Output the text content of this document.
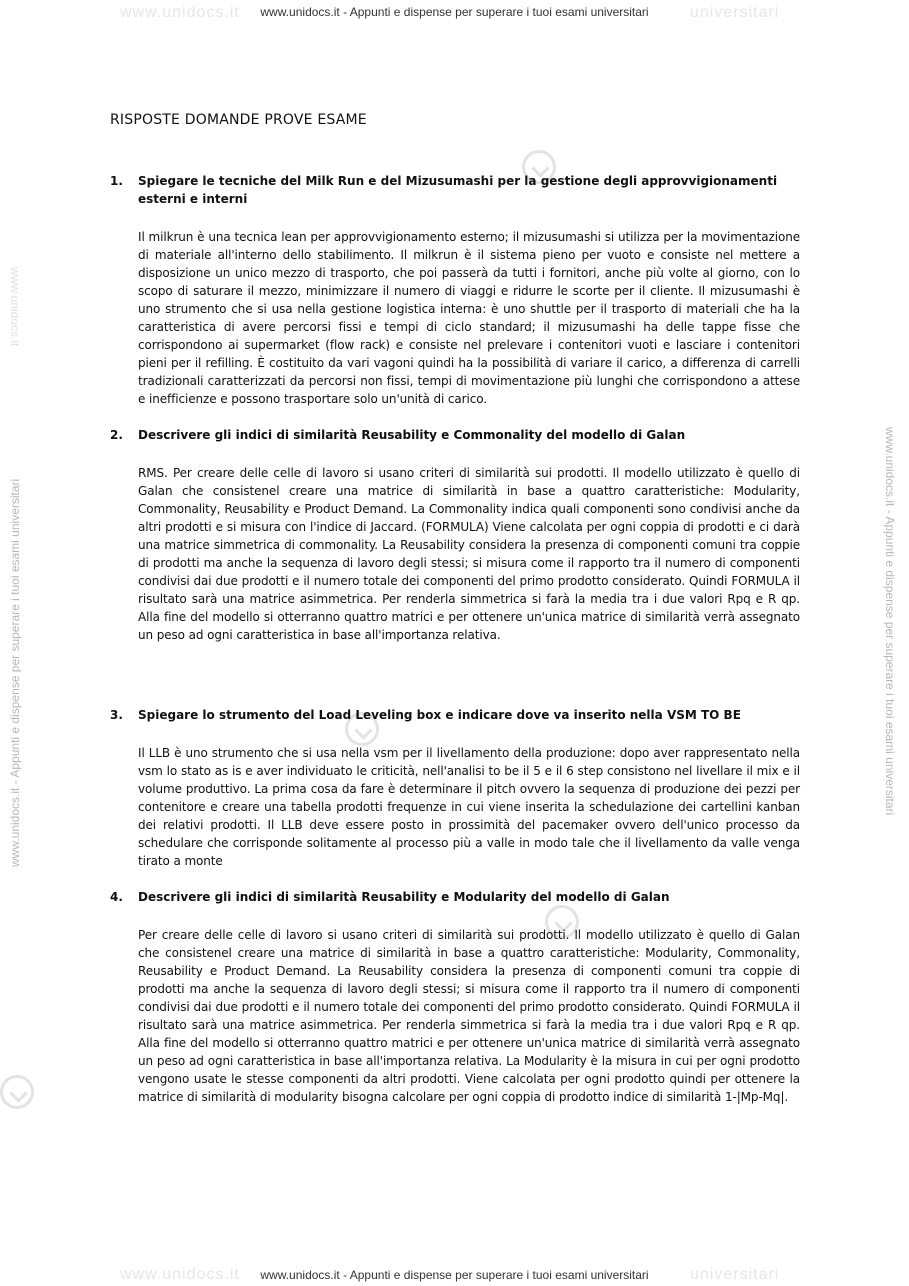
www.unidocs.it	universitari
www.unidocs.it - Appunti e dispense per superare i tuoi esami universitari
www.unidocs.it	universitari
www.unidocs.it - Appunti e dispense per superare i tuoi esami universitari
www.unidocs.it - Appunti e dispense per superare i tuoi esami universitari	www.unidocs.it - Appunti e dispense per superare i tuoi esami universitari
www.unidocs.it
RISPOSTE DOMANDE PROVE ESAME
1.	Spiegare le tecniche del Milk Run e del Mizusumashi per la gestione degli approvvigionamenti esterni e interni

Il milkrun è una tecnica lean per approvvigionamento esterno; il mizusumashi si utilizza per la movimentazione di materiale all'interno dello stabilimento. Il milkrun è il sistema pieno per vuoto e consiste nel mettere a disposizione un unico mezzo di trasporto, che poi passerà da tutti i fornitori, anche più volte al giorno, con lo scopo di saturare il mezzo, minimizzare il numero di viaggi e ridurre le scorte per il cliente. Il mizusumashi è uno strumento che si usa nella gestione logistica interna: è uno shuttle per il trasporto di materiali che ha la caratteristica di avere percorsi fissi e tempi di ciclo standard; il mizusumashi ha delle tappe fisse che corrispondono ai supermarket (flow rack) e consiste nel prelevare i contenitori vuoti e lasciare i contenitori pieni per il refilling. È costituito da vari vagoni quindi ha la possibilità di variare il carico, a differenza di carrelli tradizionali caratterizzati da percorsi non fissi, tempi di movimentazione più lunghi che corrispondono a attese e inefficienze e possono trasportare solo un'unità di carico.

2.	Descrivere gli indici di similarità Reusability e Commonality del modello di Galan

RMS. Per creare delle celle di lavoro si usano criteri di similarità sui prodotti. Il modello utilizzato è quello di Galan che consistenel creare una matrice di similarità in base a quattro caratteristiche: Modularity, Commonality, Reusability e Product Demand. La Commonality indica quali componenti sono condivisi anche da altri prodotti e si misura con l'indice di Jaccard. (FORMULA) Viene calcolata per ogni coppia di prodotti e ci darà una matrice simmetrica di commonality. La Reusability considera la presenza di componenti comuni tra coppie di prodotti ma anche la sequenza di lavoro degli stessi; si misura come il rapporto tra il numero di componenti condivisi dai due prodotti e il numero totale dei componenti del primo prodotto considerato. Quindi FORMULA il risultato sarà una matrice asimmetrica. Per renderla simmetrica si farà la media tra i due valori Rpq e R qp. Alla fine del modello si otterranno quattro matrici e per ottenere un'unica matrice di similarità verrà assegnato un peso ad ogni caratteristica in base all'importanza relativa.

3.	Spiegare lo strumento del Load Leveling box e indicare dove va inserito nella VSM TO BE

Il LLB è uno strumento che si usa nella vsm per il livellamento della produzione: dopo aver rappresentato nella vsm lo stato as is e aver individuato le criticità, nell'analisi to be il 5 e il 6 step consistono nel livellare il mix e il volume produttivo. La prima cosa da fare è determinare il pitch ovvero la sequenza di produzione dei pezzi per contenitore e creare una tabella prodotti frequenze in cui viene inserita la schedulazione dei cartellini kanban dei relativi prodotti. Il LLB deve essere posto in prossimità del pacemaker ovvero dell'unico processo da schedulare che corrisponde solitamente al processo più a valle in modo tale che il livellamento da valle venga tirato a monte

4.	Descrivere gli indici di similarità Reusability e Modularity del modello di Galan

Per creare delle celle di lavoro si usano criteri di similarità sui prodotti. Il modello utilizzato è quello di Galan che consistenel creare una matrice di similarità in base a quattro caratteristiche: Modularity, Commonality, Reusability e Product Demand. La Reusability considera la presenza di componenti comuni tra coppie di prodotti ma anche la sequenza di lavoro degli stessi; si misura come il rapporto tra il numero di componenti condivisi dai due prodotti e il numero totale dei componenti del primo prodotto considerato. Quindi FORMULA il risultato sarà una matrice asimmetrica. Per renderla simmetrica si farà la media tra i due valori Rpq e R qp. Alla fine del modello si otterranno quattro matrici e per ottenere un'unica matrice di similarità verrà assegnato un peso ad ogni caratteristica in base all'importanza relativa. La Modularity è la misura in cui per ogni prodotto vengono usate le stesse componenti da altri prodotti. Viene calcolata per ogni prodotto quindi per ottenere la matrice di similarità di modularity bisogna calcolare per ogni coppia di prodotto indice di similarità 1-|Mp-Mq|.
